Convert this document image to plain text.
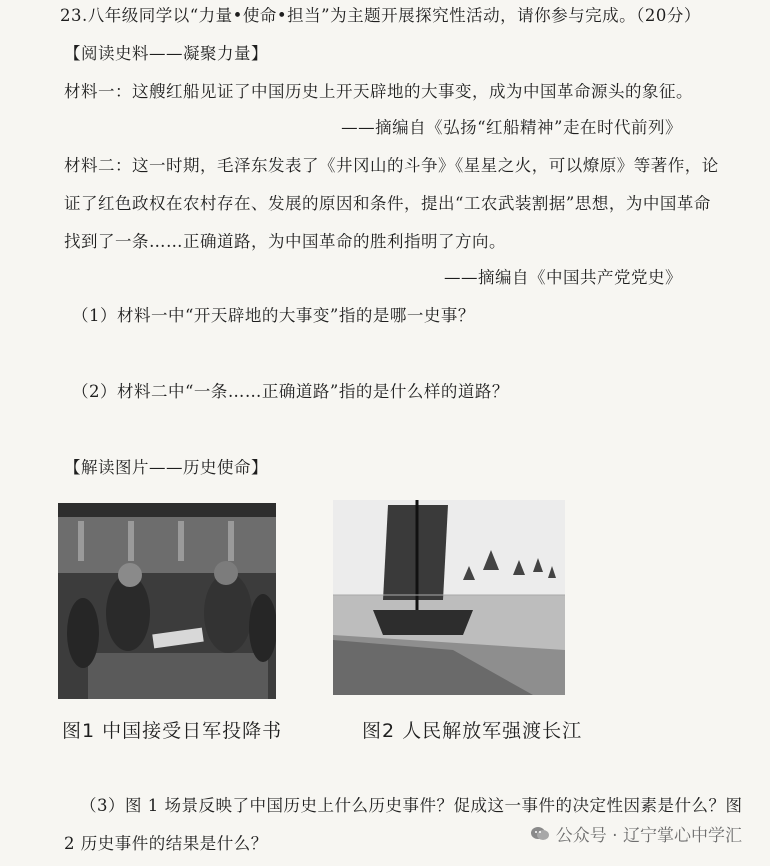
23.八年级同学以“力量•使命•担当”为主题开展探究性活动，请你参与完成。（20分）
【阅读史料——凝聚力量】
材料一：这艘红船见证了中国历史上开天辟地的大事变，成为中国革命源头的象征。
——摘编自《弘扬“红船精神”走在时代前列》
材料二：这一时期，毛泽东发表了《井冈山的斗争》《星星之火，可以燎原》等著作，论
证了红色政权在农村存在、发展的原因和条件，提出“工农武装割据”思想，为中国革命
找到了一条……正确道路，为中国革命的胜利指明了方向。
——摘编自《中国共产党党史》
（1）材料一中“开天辟地的大事变”指的是哪一史事？
（2）材料二中“一条……正确道路”指的是什么样的道路？
【解读图片——历史使命】
图1 中国接受日军投降书	图2 人民解放军强渡长江
（3）图 1 场景反映了中国历史上什么历史事件？促成这一事件的决定性因素是什么？图
2 历史事件的结果是什么？	公众号 · 辽宁掌心中学汇
